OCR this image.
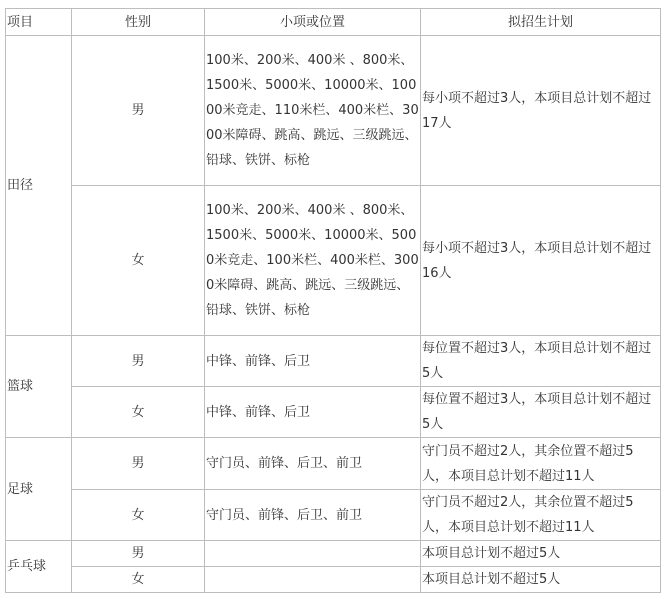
项目	性别	小项或位置	拟招生计划
田径	男	100米、200米、400米 、800米、1500米、5000米、10000米、10000米竞走、110米栏、400米栏、3000米障碍、跳高、跳远、三级跳远、铅球、铁饼、标枪	每小项不超过3人，本项目总计划不超过17人
	女	100米、200米、400米 、800米、1500米、5000米、10000米、5000米竞走、100米栏、400米栏、3000米障碍、跳高、跳远、三级跳远、铅球、铁饼、标枪	每小项不超过3人，本项目总计划不超过16人
篮球	男	中锋、前锋、后卫	每位置不超过3人，本项目总计划不超过5人
	女	中锋、前锋、后卫	每位置不超过3人，本项目总计划不超过5人
足球	男	守门员、前锋、后卫、前卫	守门员不超过2人，其余位置不超过5人，本项目总计划不超过11人
	女	守门员、前锋、后卫、前卫	守门员不超过2人，其余位置不超过5人，本项目总计划不超过11人
乒乓球	男		本项目总计划不超过5人
	女		本项目总计划不超过5人
